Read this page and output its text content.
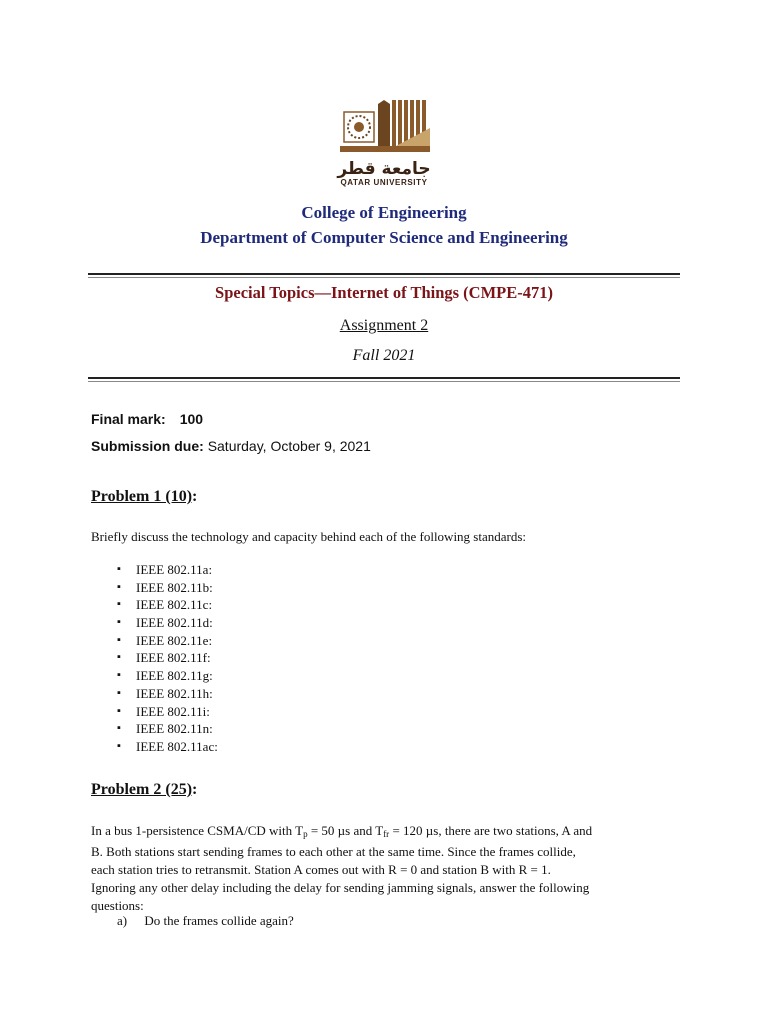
جامعة قطر
QATAR UNIVERSITY
College of Engineering
Department of Computer Science and Engineering
Special Topics—Internet of Things (CMPE-471)
Assignment 2
Fall 2021
Final mark: 100
Submission due: Saturday, October 9, 2021
Problem 1 (10):
Briefly discuss the technology and capacity behind each of the following standards:
▪ IEEE 802.11a:
▪ IEEE 802.11b:
▪ IEEE 802.11c:
▪ IEEE 802.11d:
▪ IEEE 802.11e:
▪ IEEE 802.11f:
▪ IEEE 802.11g:
▪ IEEE 802.11h:
▪ IEEE 802.11i:
▪ IEEE 802.11n:
▪ IEEE 802.11ac:
Problem 2 (25):
In a bus 1-persistence CSMA/CD with $T_p = 50$ µs and $T_{fr} = 120$ µs, there are two stations, A and
B. Both stations start sending frames to each other at the same time. Since the frames collide,
each station tries to retransmit. Station A comes out with R = 0 and station B with R = 1.
Ignoring any other delay including the delay for sending jamming signals, answer the following
questions:
a) Do the frames collide again?
